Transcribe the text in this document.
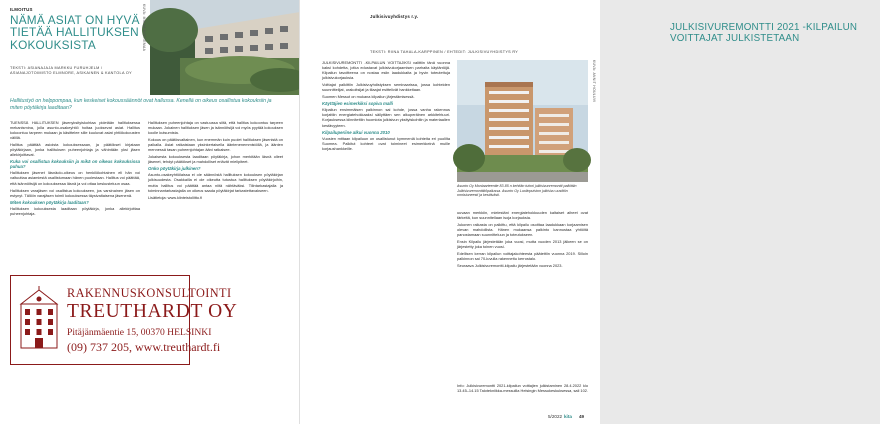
ILMOITUS
NÄMÄ ASIAT ON HYVÄ TIETÄÄ HALLITUKSEN KOKOUKSISTA
TEKSTI: ASIANAJAJA MARKKU FURUHJELM /
ASIANAJOTOIMISTO ELMNORE, ASIKAINEN & KANTOLA OY
KUVA: MIKAA KORTEMAA
Hallitustyö on helppompaa, kun keskeiset kokoussäännöt ovat hallussa. Kenellä on oikeus osallistua kokouksiin ja miten pöytäkirja laaditaan?

TUENSSÄ HALLITUKSEN jäsenyksityiskohtaa pidetään hallituksessa mekanismina, jolla asunto-osakeyhtiö hoitaa juoksevat asiat. Hallitus kokoontuu tarpeen mukaan ja käsittelee sille kuuluvat asiat yhtiökokousten välillä.

Hallitus päättää asioista kokouksessaan, ja päätökset kirjataan pöytäkirjaan, jonka hallituksen puheenjohtaja ja vähintään yksi jäsen allekirjoittavat.

Kuka voi osallistua kokouksiin ja mikä on oikeus kokouksissa puhua?

Hallituksen jäsenet läsnäolo-oikeus on henkilökohtainen eli hän voi valtuuttaa asiamiestä osallistumaan hänen puolestaan. Hallitus voi päättää, että isännöitsijä on kokouksessa läsnä ja voi ottaa keskusteluun osaa.

Hallituksen varajäsen voi osallistua kokoukseen, jos varsinainen jäsen on estynyt. Tällöin varajäsen toimii kokouksessa täysivaltaisena jäsenenä.

Miten kokouksen pöytäkirja laaditaan?

Hallituksen kokouksesta laaditaan pöytäkirja, jonka allekirjoittaa puheenjohtaja.

Hallituksen puheenjohtaja on vastuussa siitä, että hallitus kokoontuu tarpeen mukaan. Jokainen hallituksen jäsen ja isännöitsijä voi myös pyytää kokouksen koolle kutsumista.

Kokous on päätösvaltainen, kun enemmän kuin puolet hallituksen jäsenistä on paikalla. Asiat ratkaistaan yksinkertaisella ääntenenemmistöllä, ja äänten mennessä tasan puheenjohtajan ääni ratkaisee.

Jokaisesta kokouksesta laaditaan pöytäkirja, johon merkitään läsnä olleet jäsenet, tehdyt päätökset ja mahdolliset eriävät mielipiteet.

Onko pöytäkirja julkinen?

Asunto-osakeyhtiölaissa ei ole säännöstä hallituksen kokouksen pöytäkirjan julkisuudesta. Osakkailla ei ole oikeutta tutustua hallituksen pöytäkirjoihin, mutta hallitus voi päättää antaa niitä nähtäväksi. Tilintarkastajalla ja toiminnantarkastajalla on oikeus saada pöytäkirjat tarkastettavakseen.

Lisätietoja: www.kiinteistoliitto.fi

RAKENNUSKONSULTOINTI
TREUTHARDT OY
Pitäjänmäentie 15, 00370 HELSINKI
(09) 737 205, www.treuthardt.fi
Julkisivuyhdistys r.y.
JULKISIVUREMONTTI 2021 -KILPAILUN VOITTAJAT JULKISTETAAN
TEKSTI: RIINA TAHALA-KARPPINEN / EHTEDIT: JULKISIVUYHDISTYS RY
KUVA: ANNIT HOULUVI

JULKISIVUREMONTTI -KILPAILUN VOITTAJIKSI valittiin tänä vuonna kaksi kohdetta, jotka edustavat julkisivukorjaamisen parhaita käytäntöjä. Kilpailun tavoitteena on nostaa esiin laadukkaita ja hyvin toteutettuja julkisivukorjauksia.

Voittajat palkittiin Julkisivuyhdistyksen seminaarissa, jossa kohteiden suunnittelijat, urakoitsijat ja tilaajat esittelivät hankkeitaan.

Suomen Messut on mukana kilpailun järjestämisessä.

Käyttäjien esimerkiksi sopiva malli

Kilpailun ensimmäisen palkinnon sai kohde, jossa vanha rakennus korjattiin energiatehokkaaksi säilyttäen sen alkuperäinen arkkitehtuuri. Korjauksessa kiinnitettiin huomiota julkisivun yksityiskohtiin ja materiaalien kestävyyteen.

Kilpailuperiine alkui vuonna 2010

Vuosien mittaan kilpailuun on osallistunut kymmeniä kohteita eri puolilta Suomea. Palkitut kohteet ovat toimineet esimerkkeinä muille korjaushankkeille.

Asunto Oy Moniaarteentie 83-85 n kehitän tuloni julkisivunremontti palkittiin Julkisivuremonttikilpailussa. Asunto Oy Luolinpuiston julkisivu uusittiin onnistuneesti ja kestävästi.

uuvaan merkkiin, mielestäni energiatehokkuuden kaltaiset aiheet ovat tärkeitä, kun suunnitellaan isoja korjauksia.

Jukonen raikasta on palkittu, että kilpailu osoittaa laadukkaan korjaamisen olevan mahdollista. Hänen mukaansa palkinto kannustaa yhtiöitä panostamaan suunnitteluun ja toteutukseen.

Ensin Kilpailu järjestetään joka vuosi, mutta vuoden 2013 jälkeen se on järjestetty joka toinen vuosi.

Edellisen kerran kilpailun voittajakohteesta päätettiin vuonna 2019. Silloin palkinnon sai 70-luvulla rakennettu kerrostalo.

Seuraava Julkisivuremontti-kilpailu järjestetään vuonna 2023.

Info: Julkisivuremontti 2021-kilpailun voittajien julkistaminen 28.4.2022 klo 13.45–14.15 Talotekniikka-messuilla Helsingin Messukeskuksessa, sali 102.

5/2022 kita 49
